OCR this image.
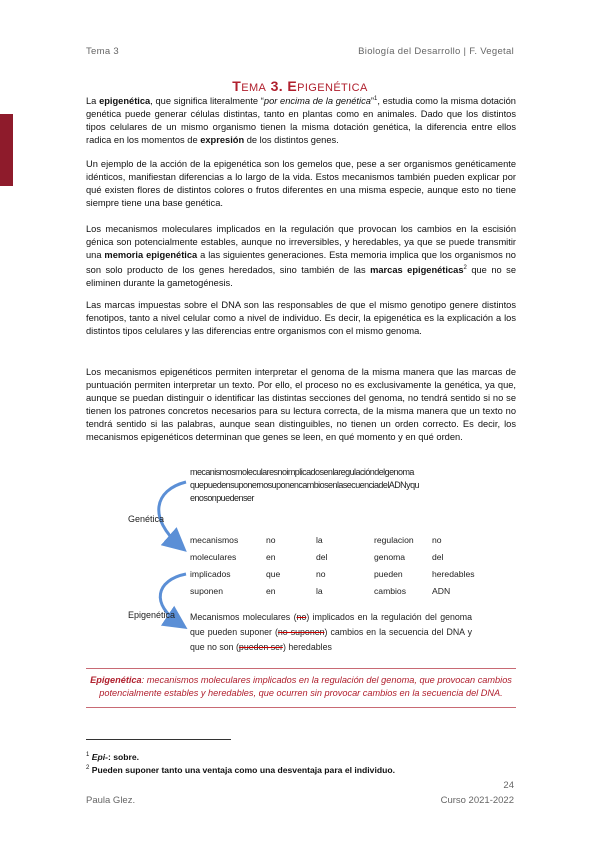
Tema 3	Biología del Desarrollo | F. Vegetal
TEMA 3. EPIGENÉTICA

La epigenética, que significa literalmente “por encima de la genética”$^1$, estudia como la misma dotación genética puede generar células distintas, tanto en plantas como en animales. Dado que los distintos tipos celulares de un mismo organismo tienen la misma dotación genética, la diferencia entre ellos radica en los momentos de expresión de los distintos genes.

Un ejemplo de la acción de la epigenética son los gemelos que, pese a ser organismos genéticamente idénticos, manifiestan diferencias a lo largo de la vida. Estos mecanismos también pueden explicar por qué existen flores de distintos colores o frutos diferentes en una misma especie, aunque esto no tiene siempre tiene una base genética.

Los mecanismos moleculares implicados en la regulación que provocan los cambios en la escisión génica son potencialmente estables, aunque no irreversibles, y heredables, ya que se puede transmitir una memoria epigenética a las siguientes generaciones. Esta memoria implica que los organismos no son solo producto de los genes heredados, sino también de las marcas epigenéticas$^2$ que no se eliminen durante la gametogénesis.

Las marcas impuestas sobre el DNA son las responsables de que el mismo genotipo genere distintos fenotipos, tanto a nivel celular como a nivel de individuo. Es decir, la epigenética es la explicación a los distintos tipos celulares y las diferencias entre organismos con el mismo genoma.

Los mecanismos epigenéticos permiten interpretar el genoma de la misma manera que las marcas de puntuación permiten interpretar un texto. Por ello, el proceso no es exclusivamente la genética, ya que, aunque se puedan distinguir o identificar las distintas secciones del genoma, no tendrá sentido si no se tienen los patrones concretos necesarios para su lectura correcta, de la misma manera que un texto no tendrá sentido si las palabras, aunque sean distinguibles, no tienen un orden correcto. Es decir, los mecanismos epigenéticos determinan que genes se leen, en qué momento y en qué orden.

mecanismosmolecularesnoimplicadosenlaregulacióndelgenoma
quepuedensuponernosuponencambiosenlasecuenciadelADNyqu
enosonpuedenser
Genética
Epigenética
mecanismos	no	la	regulacion	no
moleculares	en	del	genoma	del
implicados	que	no	pueden	heredables
suponen	en	la	cambios	ADN
Mecanismos moleculares (no) implicados en la regulación del genoma que pueden suponer (no suponen) cambios en la secuencia del DNA y que no son (pueden ser) heredables
Epigenética: mecanismos moleculares implicados en la regulación del genoma, que provocan cambios potencialmente estables y heredables, que ocurren sin provocar cambios en la secuencia del DNA.
$^1$ Epi-: sobre.
$^2$ Pueden suponer tanto una ventaja como una desventaja para el individuo.
24
Paula Glez.	Curso 2021-2022
